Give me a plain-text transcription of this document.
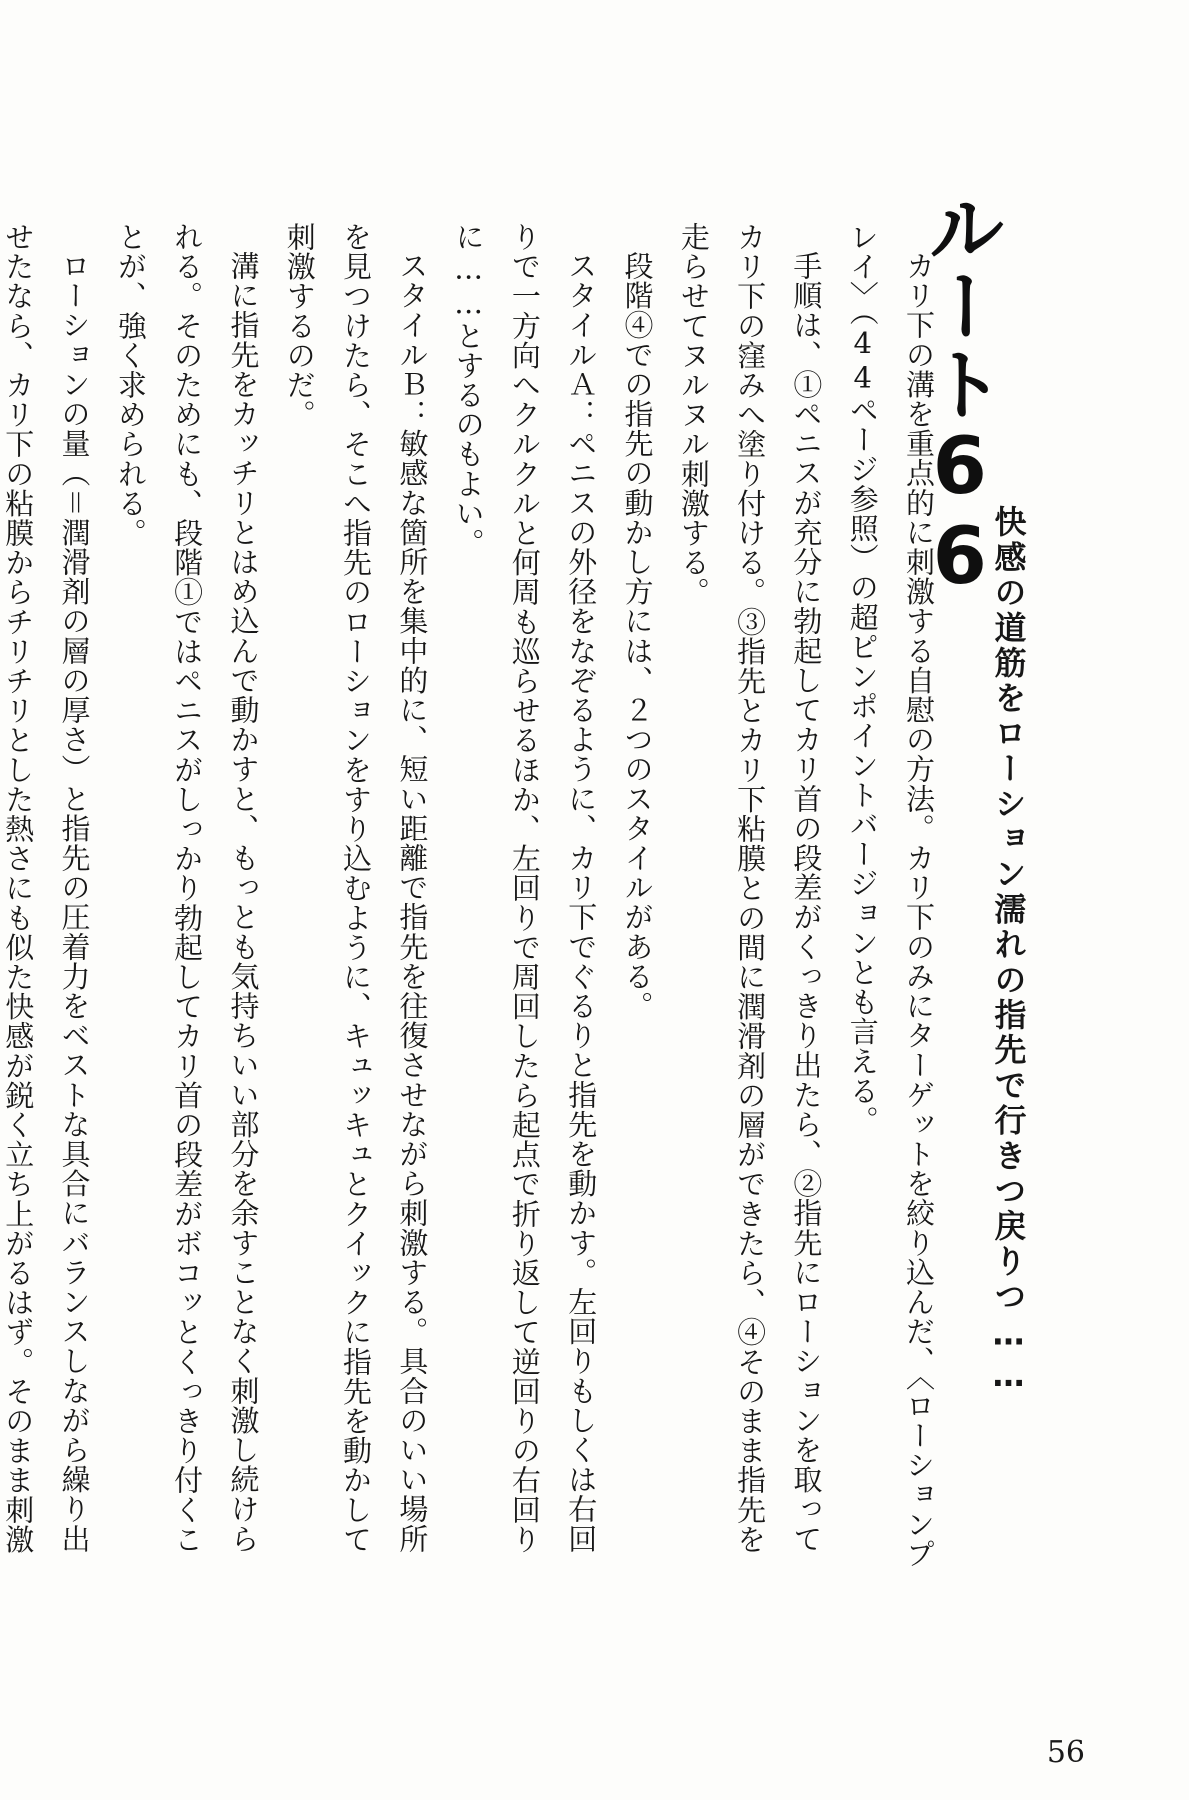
ルート66
快感の道筋をローション濡れの指先で行きつ戻りつ……

カリ下の溝を重点的に刺激する自慰の方法。カリ下のみにターゲットを絞り込んだ、〈ローションプレイ〉（44ページ参照）の超ピンポイントバージョンとも言える。

手順は、①ペニスが充分に勃起してカリ首の段差がくっきり出たら、②指先にローションを取ってカリ下の窪みへ塗り付ける。③指先とカリ下粘膜との間に潤滑剤の層ができたら、④そのまま指先を走らせてヌルヌル刺激する。

段階④での指先の動かし方には、２つのスタイルがある。

スタイルＡ：ペニスの外径をなぞるように、カリ下でぐるりと指先を動かす。左回りもしくは右回りで一方向へクルクルと何周も巡らせるほか、左回りで周回したら起点で折り返して逆回りの右回りに……とするのもよい。

スタイルＢ：敏感な箇所を集中的に、短い距離で指先を往復させながら刺激する。具合のいい場所を見つけたら、そこへ指先のローションをすり込むように、キュッキュとクイックに指先を動かして刺激するのだ。

溝に指先をカッチリとはめ込んで動かすと、もっとも気持ちいい部分を余すことなく刺激し続けられる。そのためにも、段階①ではペニスがしっかり勃起してカリ首の段差がボコッとくっきり付くことが、強く求められる。

ローションの量（＝潤滑剤の層の厚さ）と指先の圧着力をベストな具合にバランスしながら繰り出せたなら、カリ下の粘膜からチリチリとした熱さにも似た快感が鋭く立ち上がるはず。そのまま刺激

56
